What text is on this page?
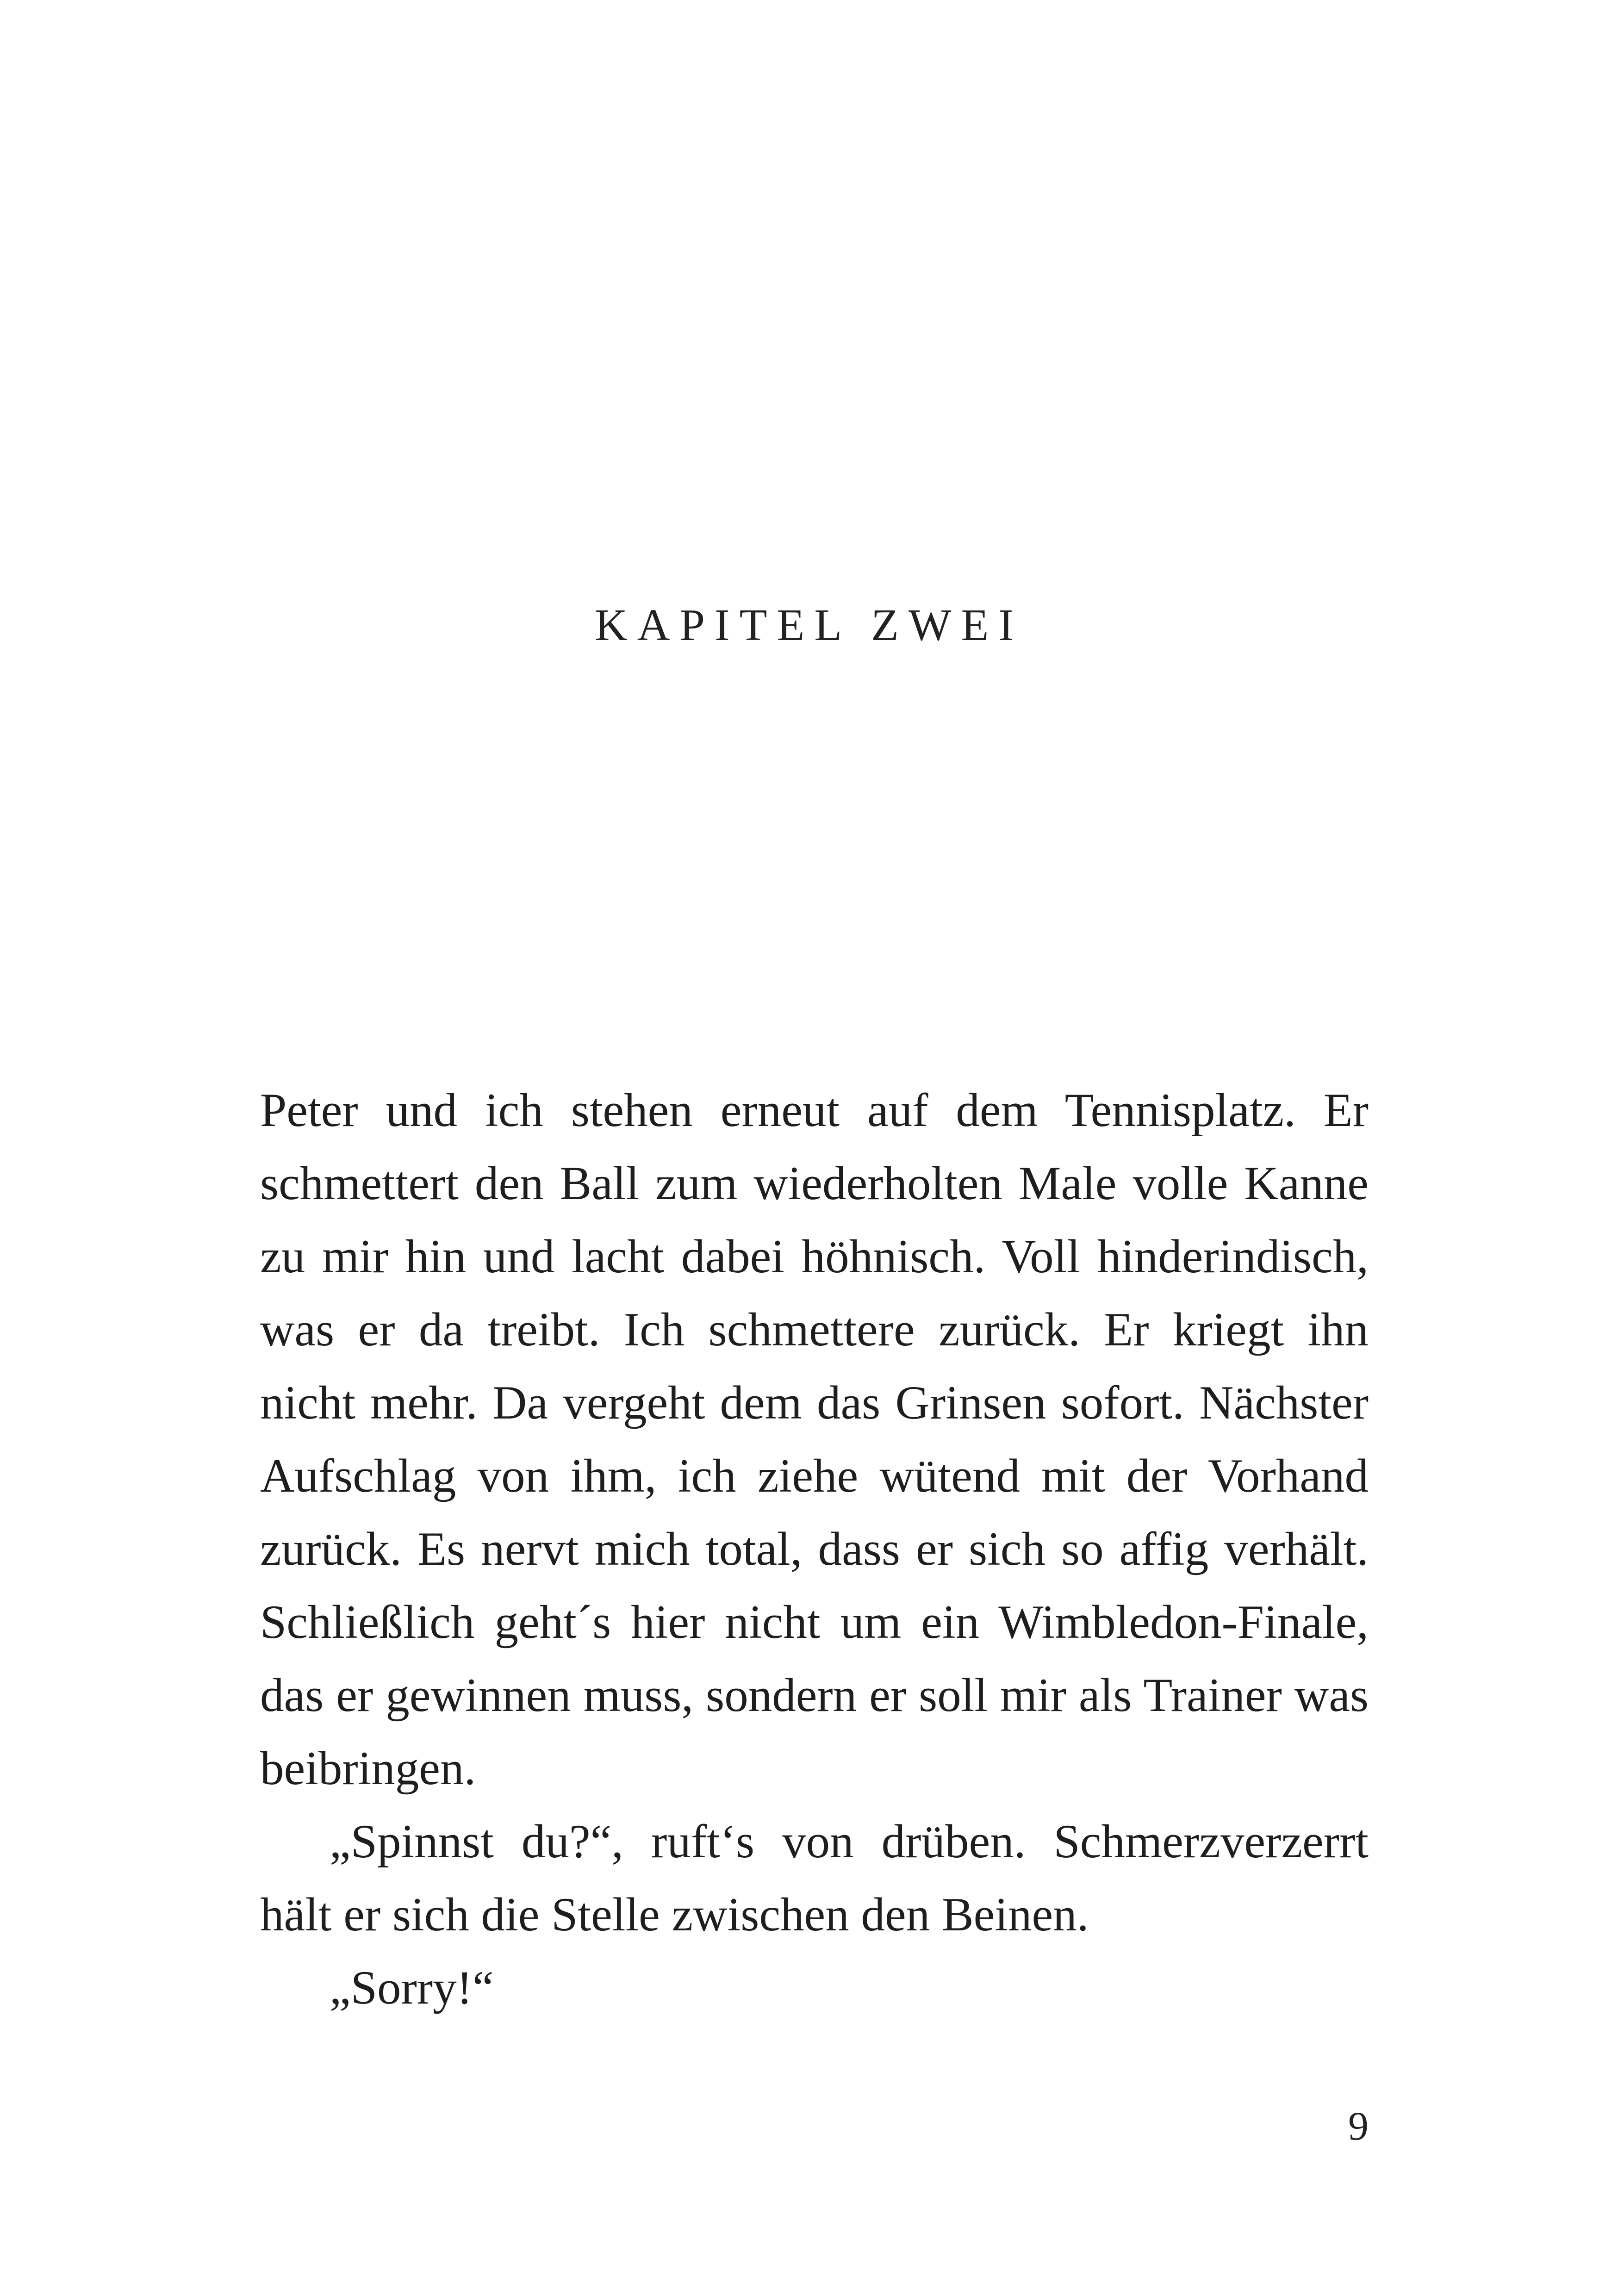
KAPITEL ZWEI

Peter und ich stehen erneut auf dem Tennisplatz. Er schmettert den Ball zum wiederholten Male volle Kanne zu mir hin und lacht dabei höhnisch. Voll hinderindisch, was er da treibt. Ich schmettere zurück. Er kriegt ihn nicht mehr. Da vergeht dem das Grinsen sofort. Nächster Aufschlag von ihm, ich ziehe wütend mit der Vorhand zurück. Es nervt mich total, dass er sich so affig verhält. Schließlich geht´s hier nicht um ein Wimbledon-Finale, das er gewinnen muss, sondern er soll mir als Trainer was beibringen.

„Spinnst du?“, ruft‘s von drüben. Schmerzverzerrt hält er sich die Stelle zwischen den Beinen.

„Sorry!“

9
